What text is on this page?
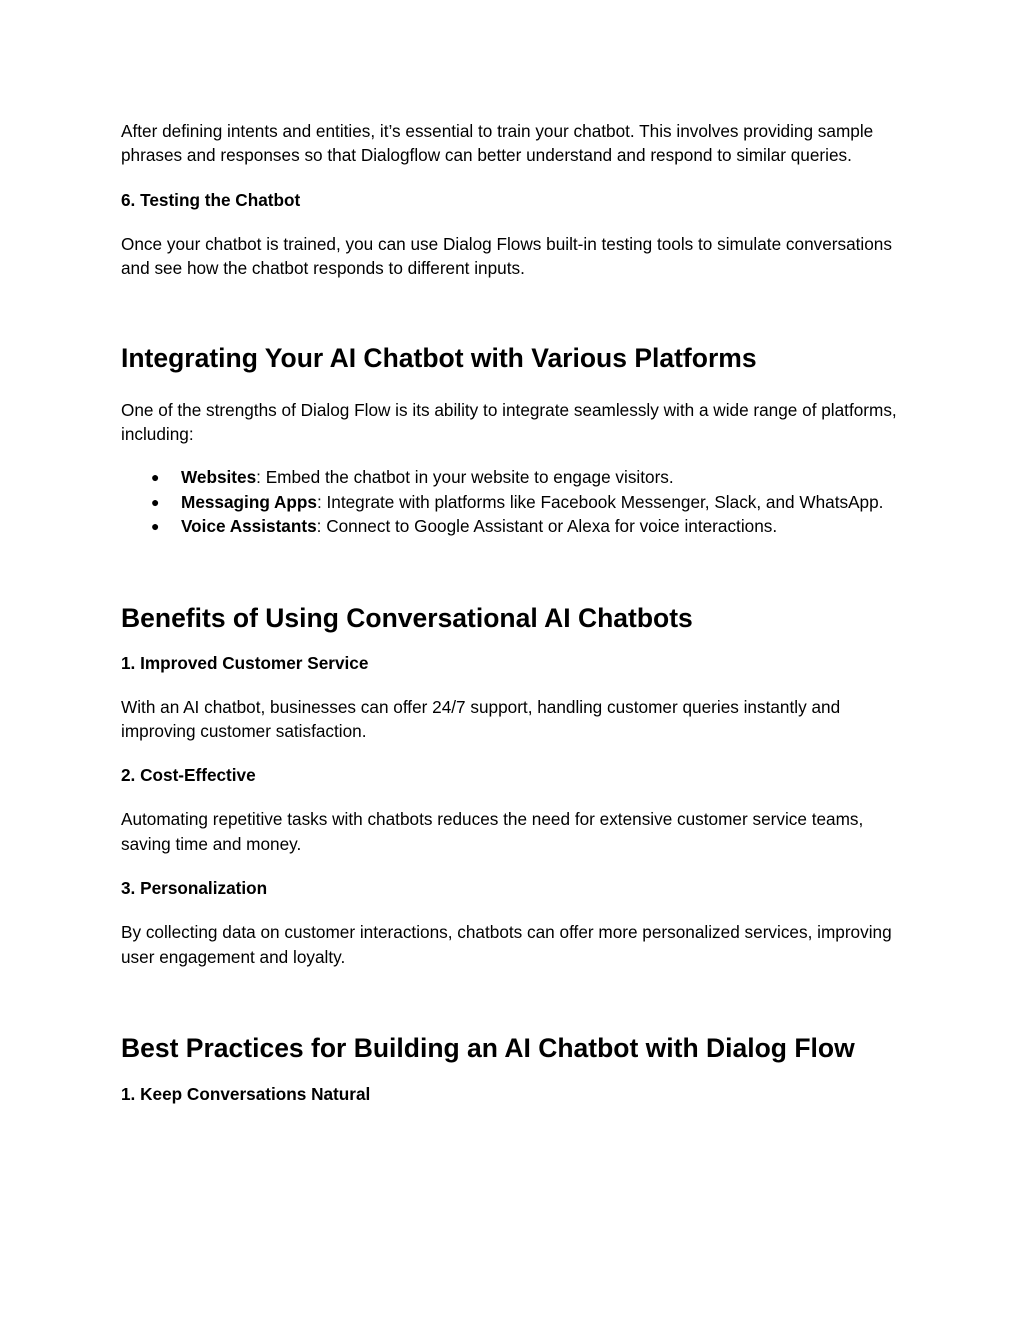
After defining intents and entities, it’s essential to train your chatbot. This involves providing sample phrases and responses so that Dialogflow can better understand and respond to similar queries.

6. Testing the Chatbot

Once your chatbot is trained, you can use Dialog Flows built-in testing tools to simulate conversations and see how the chatbot responds to different inputs.

Integrating Your AI Chatbot with Various Platforms

One of the strengths of Dialog Flow is its ability to integrate seamlessly with a wide range of platforms, including:

● Websites: Embed the chatbot in your website to engage visitors.
● Messaging Apps: Integrate with platforms like Facebook Messenger, Slack, and WhatsApp.
● Voice Assistants: Connect to Google Assistant or Alexa for voice interactions.
Benefits of Using Conversational AI Chatbots
1. Improved Customer Service

With an AI chatbot, businesses can offer 24/7 support, handling customer queries instantly and improving customer satisfaction.

2. Cost-Effective

Automating repetitive tasks with chatbots reduces the need for extensive customer service teams, saving time and money.

3. Personalization

By collecting data on customer interactions, chatbots can offer more personalized services, improving user engagement and loyalty.

Best Practices for Building an AI Chatbot with Dialog Flow
1. Keep Conversations Natural
